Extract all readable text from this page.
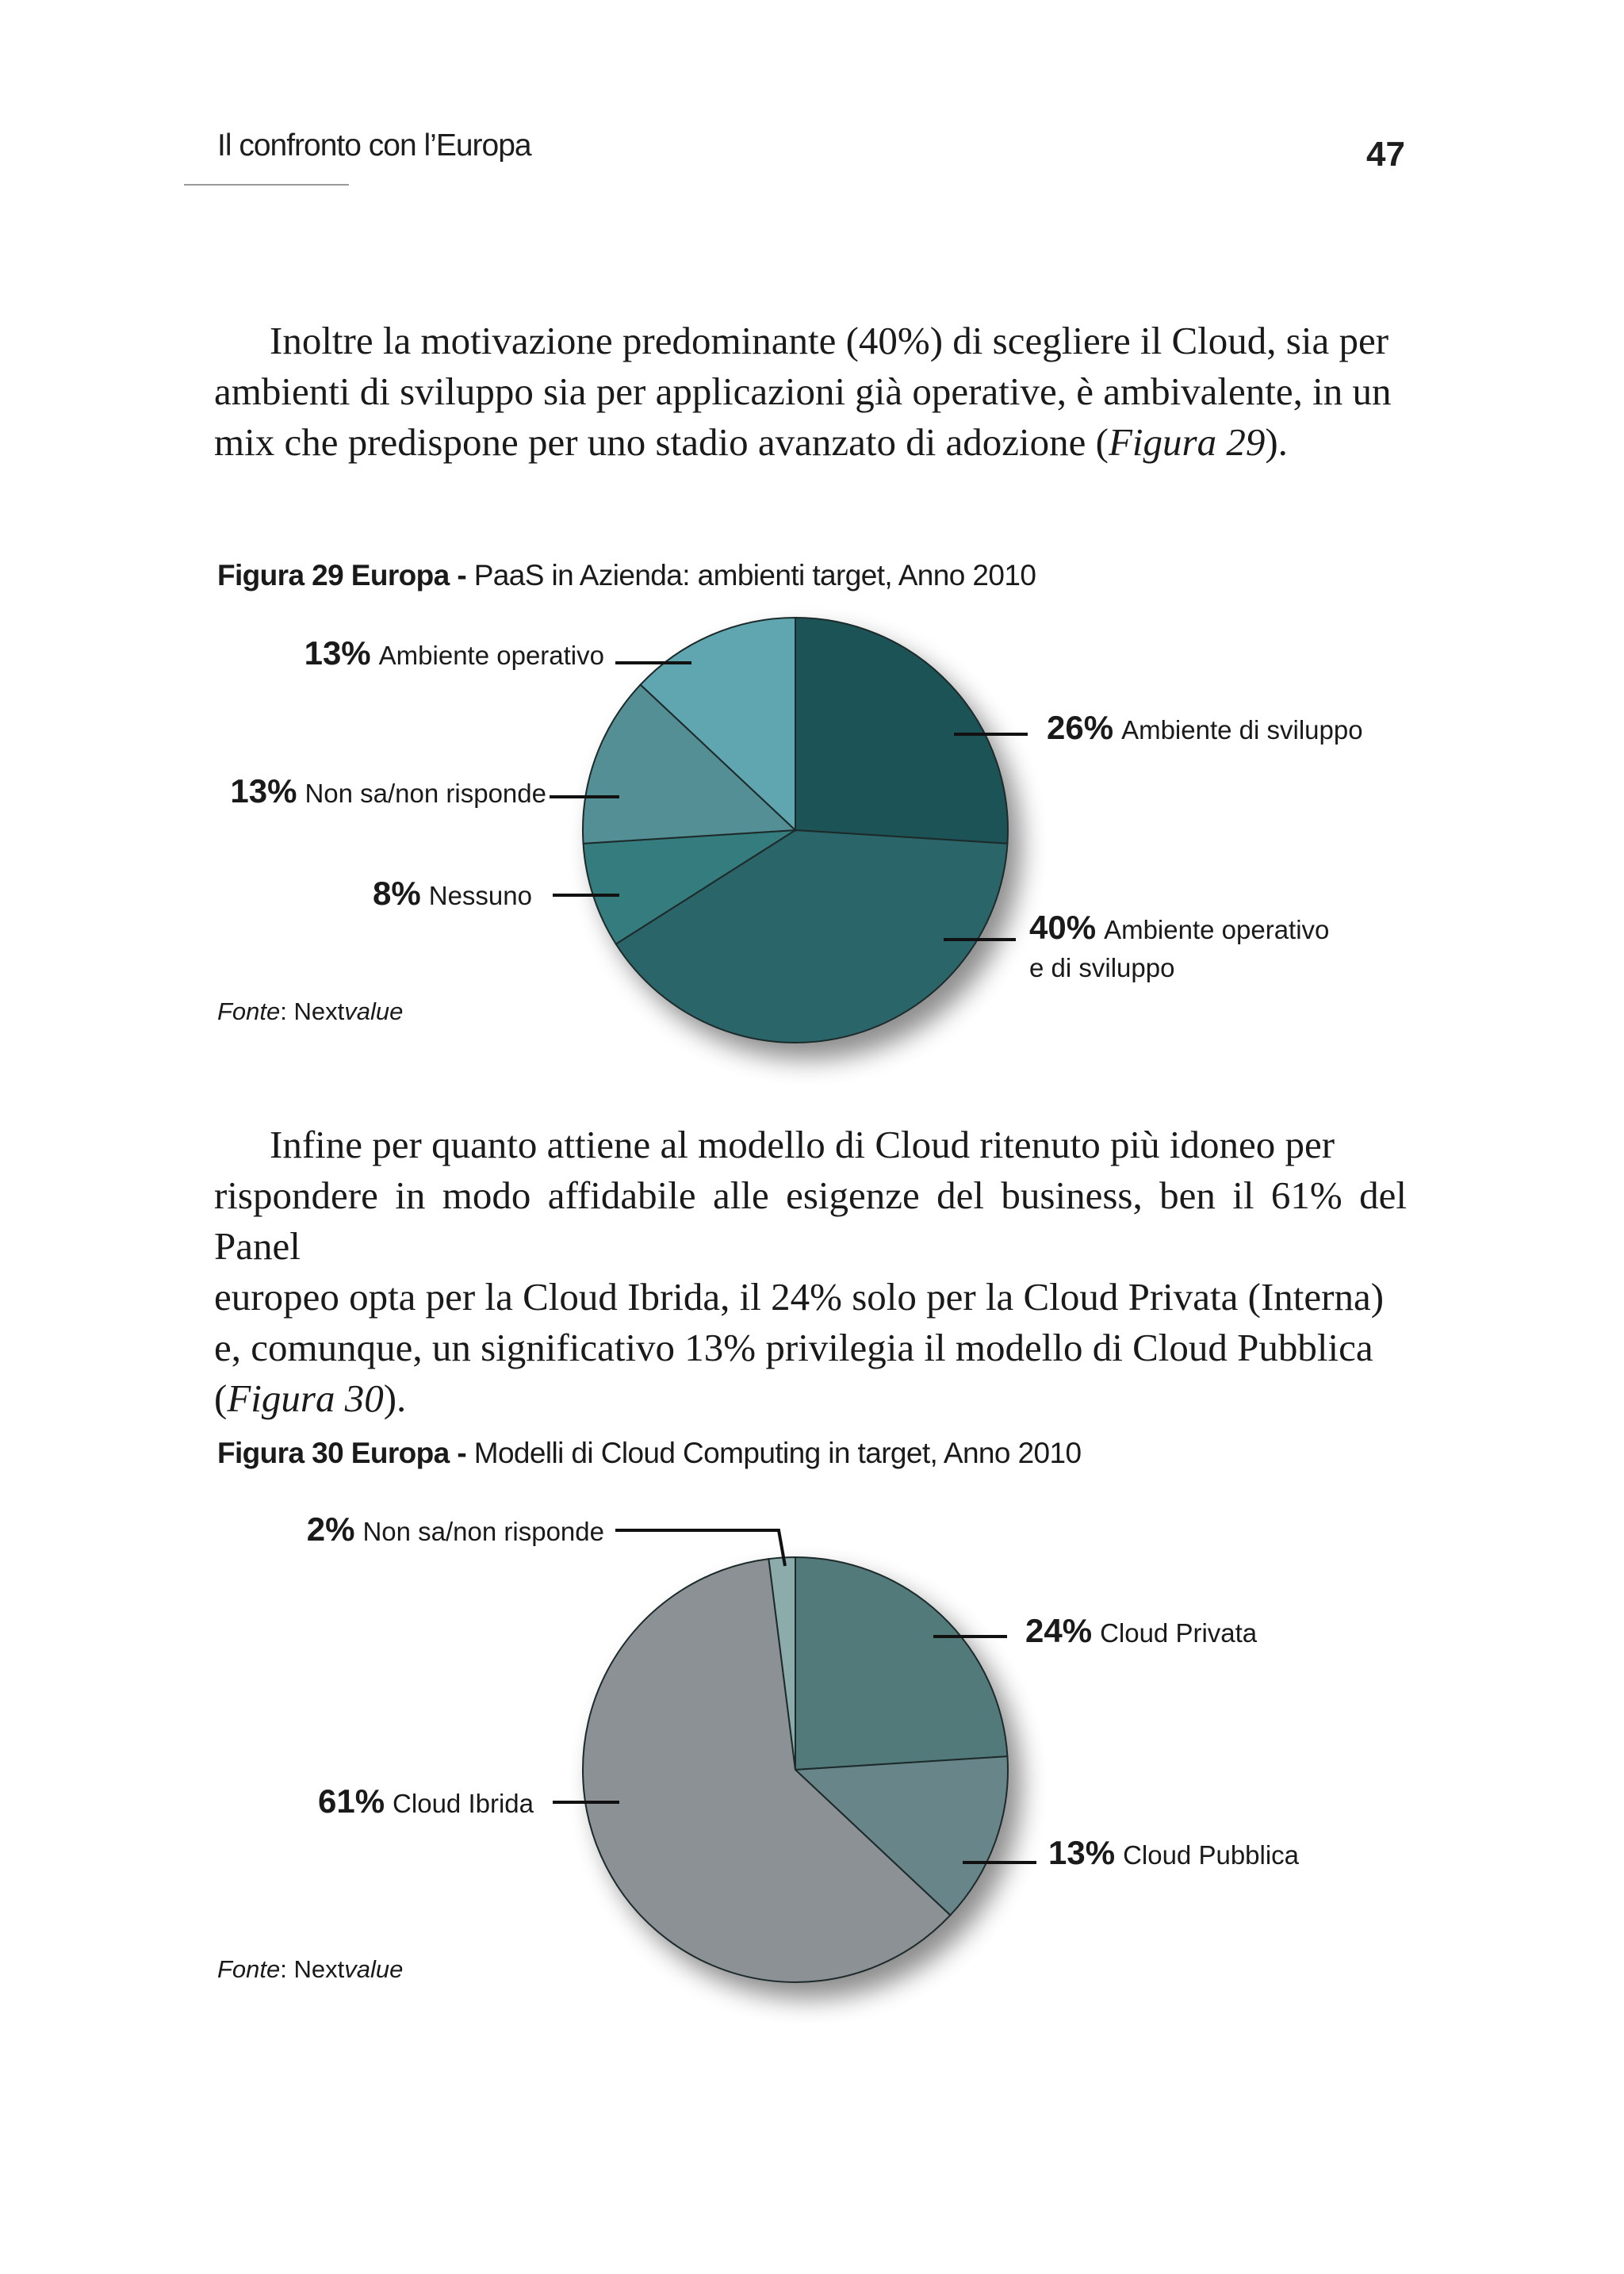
Il confronto con l’Europa	47
Inoltre la motivazione predominante (40%) di scegliere il Cloud, sia per
ambienti di sviluppo sia per applicazioni già operative, è ambivalente, in un
mix che predispone per uno stadio avanzato di adozione (Figura 29).
Figura 29 Europa - PaaS in Azienda: ambienti target, Anno 2010
Fonte: Nextvalue
Infine per quanto attiene al modello di Cloud ritenuto più idoneo per
rispondere in modo affidabile alle esigenze del business, ben il 61% del Panel
europeo opta per la Cloud Ibrida, il 24% solo per la Cloud Privata (Interna)
e, comunque, un significativo 13% privilegia il modello di Cloud Pubblica
(Figura 30).
Figura 30 Europa - Modelli di Cloud Computing in target, Anno 2010
Fonte: Nextvalue
26% Ambiente di sviluppo
40% Ambiente operativo
e di sviluppo
8% Nessuno
13% Non sa/non risponde
13% Ambiente operativo
24% Cloud Privata
13% Cloud Pubblica
61% Cloud Ibrida
2% Non sa/non risponde
